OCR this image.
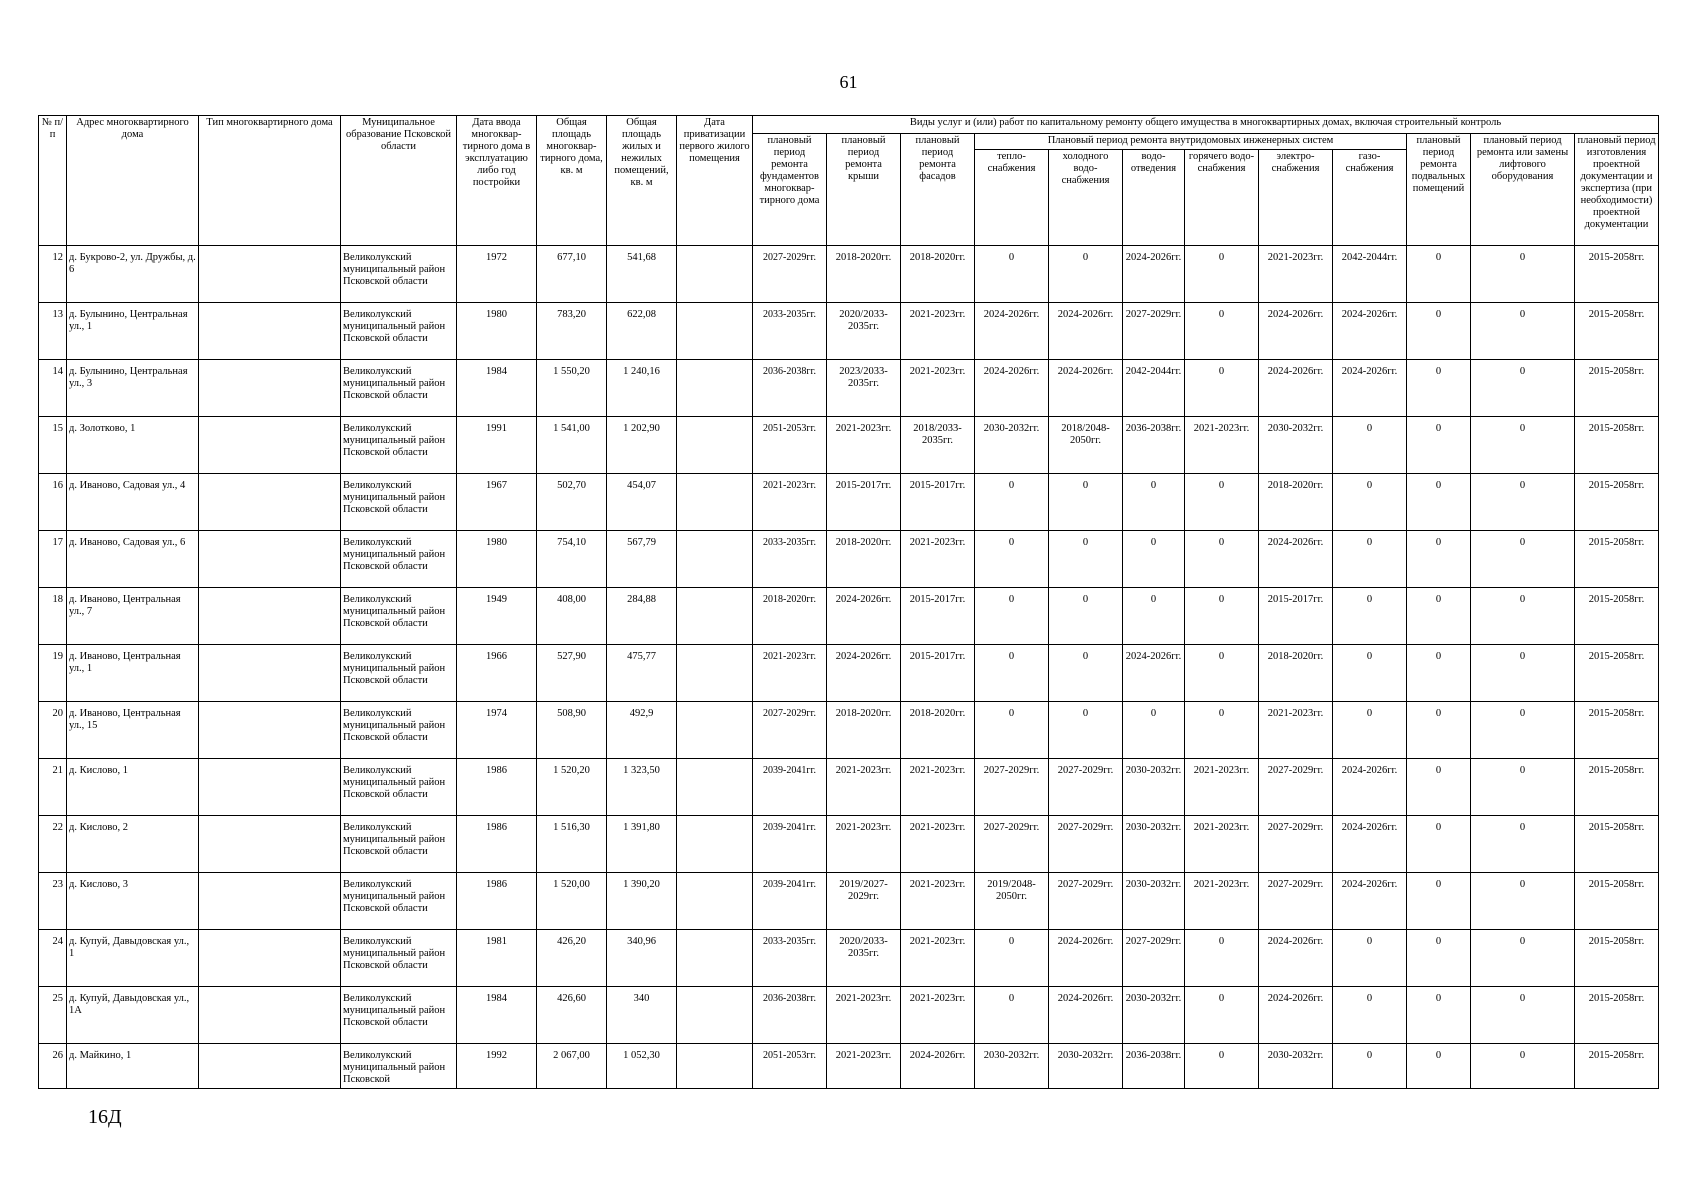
61
№ п/п	Адрес многоквартирного дома	Тип многоквартирного дома	Муниципальное образование Псковской области	Дата ввода многоквар-тирного дома в эксплуатацию либо год постройки	Общая площадь многоквар-тирного дома, кв. м	Общая площадь жилых и нежилых помещений, кв. м	Дата приватизации первого жилого помещения	Виды услуг и (или) работ по капитальному ремонту общего имущества в многоквартирных домах, включая строительный контроль											
								плановый период ремонта фундаментов многоквар-тирного дома	плановый период ремонта крыши	плановый период ремонта фасадов	Плановый период ремонта внутридомовых инженерных систем						плановый период ремонта подвальных помещений	плановый период ремонта или замены лифтового оборудования	плановый период изготовления проектной документации и экспертиза (при необходимости) проектной документации
											тепло-снабжения	холодного водо-снабжения	водо-отведения	горячего водо-снабжения	электро-снабжения	газо-снабжения			

12	д. Букрово-2, ул. Дружбы, д. 6		Великолукский муниципальный район Псковской области	1972	677,10	541,68		2027-2029гг.	2018-2020гг.	2018-2020гг.	0	0	2024-2026гг.	0	2021-2023гг.	2042-2044гг.	0	0	2015-2058гг.

13	д. Булынино, Центральная ул., 1		Великолукский муниципальный район Псковской области	1980	783,20	622,08		2033-2035гг.	2020/2033-2035гг.	2021-2023гг.	2024-2026гг.	2024-2026гг.	2027-2029гг.	0	2024-2026гг.	2024-2026гг.	0	0	2015-2058гг.

14	д. Булынино, Центральная ул., 3		Великолукский муниципальный район Псковской области	1984	1 550,20	1 240,16		2036-2038гг.	2023/2033-2035гг.	2021-2023гг.	2024-2026гг.	2024-2026гг.	2042-2044гг.	0	2024-2026гг.	2024-2026гг.	0	0	2015-2058гг.

15	д. Золотково, 1		Великолукский муниципальный район Псковской области	1991	1 541,00	1 202,90		2051-2053гг.	2021-2023гг.	2018/2033-2035гг.	2030-2032гг.	2018/2048-2050гг.	2036-2038гг.	2021-2023гг.	2030-2032гг.	0	0	0	2015-2058гг.

16	д. Иваново, Садовая ул., 4		Великолукский муниципальный район Псковской области	1967	502,70	454,07		2021-2023гг.	2015-2017гг.	2015-2017гг.	0	0	0	0	2018-2020гг.	0	0	0	2015-2058гг.

17	д. Иваново, Садовая ул., 6		Великолукский муниципальный район Псковской области	1980	754,10	567,79		2033-2035гг.	2018-2020гг.	2021-2023гг.	0	0	0	0	2024-2026гг.	0	0	0	2015-2058гг.

18	д. Иваново, Центральная ул., 7		Великолукский муниципальный район Псковской области	1949	408,00	284,88		2018-2020гг.	2024-2026гг.	2015-2017гг.	0	0	0	0	2015-2017гг.	0	0	0	2015-2058гг.

19	д. Иваново, Центральная ул., 1		Великолукский муниципальный район Псковской области	1966	527,90	475,77		2021-2023гг.	2024-2026гг.	2015-2017гг.	0	0	2024-2026гг.	0	2018-2020гг.	0	0	0	2015-2058гг.

20	д. Иваново, Центральная ул., 15		Великолукский муниципальный район Псковской области	1974	508,90	492,9		2027-2029гг.	2018-2020гг.	2018-2020гг.	0	0	0	0	2021-2023гг.	0	0	0	2015-2058гг.

21	д. Кислово, 1		Великолукский муниципальный район Псковской области	1986	1 520,20	1 323,50		2039-2041гг.	2021-2023гг.	2021-2023гг.	2027-2029гг.	2027-2029гг.	2030-2032гг.	2021-2023гг.	2027-2029гг.	2024-2026гг.	0	0	2015-2058гг.

22	д. Кислово, 2		Великолукский муниципальный район Псковской области	1986	1 516,30	1 391,80		2039-2041гг.	2021-2023гг.	2021-2023гг.	2027-2029гг.	2027-2029гг.	2030-2032гг.	2021-2023гг.	2027-2029гг.	2024-2026гг.	0	0	2015-2058гг.

23	д. Кислово, 3		Великолукский муниципальный район Псковской области	1986	1 520,00	1 390,20		2039-2041гг.	2019/2027-2029гг.	2021-2023гг.	2019/2048-2050гг.	2027-2029гг.	2030-2032гг.	2021-2023гг.	2027-2029гг.	2024-2026гг.	0	0	2015-2058гг.

24	д. Купуй, Давыдовская ул., 1		Великолукский муниципальный район Псковской области	1981	426,20	340,96		2033-2035гг.	2020/2033-2035гг.	2021-2023гг.	0	2024-2026гг.	2027-2029гг.	0	2024-2026гг.	0	0	0	2015-2058гг.

25	д. Купуй, Давыдовская ул., 1А		Великолукский муниципальный район Псковской области	1984	426,60	340		2036-2038гг.	2021-2023гг.	2021-2023гг.	0	2024-2026гг.	2030-2032гг.	0	2024-2026гг.	0	0	0	2015-2058гг.

26	д. Майкино, 1		Великолукский муниципальный район Псковской	1992	2 067,00	1 052,30		2051-2053гг.	2021-2023гг.	2024-2026гг.	2030-2032гг.	2030-2032гг.	2036-2038гг.	0	2030-2032гг.	0	0	0	2015-2058гг.
16Д
